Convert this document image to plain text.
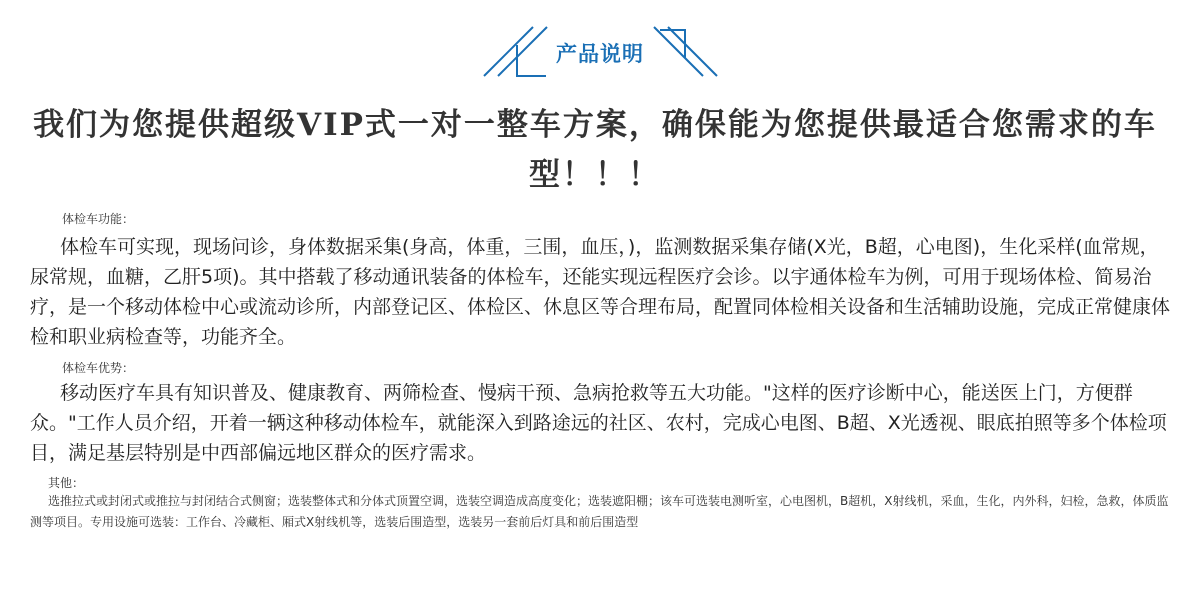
产品说明
我们为您提供超级VIP式一对一整车方案，确保能为您提供最适合您需求的车型！！！
体检车功能：
体检车可实现，现场问诊，身体数据采集(身高，体重，三围，血压，)，监测数据采集存储(X光，B超，心电图)，生化采样(血常规，尿常规，血糖，乙肝5项)。其中搭载了移动通讯装备的体检车，还能实现远程医疗会诊。以宇通体检车为例，可用于现场体检、简易治疗，是一个移动体检中心或流动诊所，内部登记区、体检区、休息区等合理布局，配置同体检相关设备和生活辅助设施，完成正常健康体检和职业病检查等，功能齐全。
体检车优势：
移动医疗车具有知识普及、健康教育、两筛检查、慢病干预、急病抢救等五大功能。"这样的医疗诊断中心，能送医上门，方便群众。"工作人员介绍，开着一辆这种移动体检车，就能深入到路途远的社区、农村，完成心电图、B超、X光透视、眼底拍照等多个体检项目，满足基层特别是中西部偏远地区群众的医疗需求。
其他：
选推拉式或封闭式或推拉与封闭结合式侧窗；选装整体式和分体式顶置空调，选装空调造成高度变化；选装遮阳棚；该车可选装电测听室，心电图机，B超机，X射线机，采血，生化，内外科，妇检，急救，体质监测等项目。专用设施可选装：工作台、冷藏柜、厢式X射线机等，选装后围造型，选装另一套前后灯具和前后围造型
